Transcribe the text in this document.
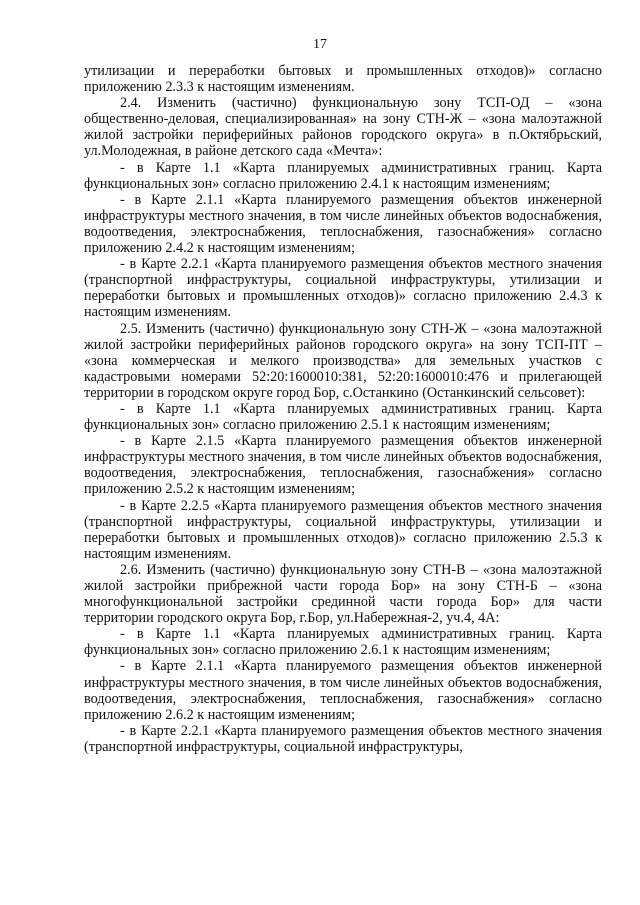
17

утилизации и переработки бытовых и промышленных отходов)» согласно приложению 2.3.3 к настоящим изменениям.

2.4. Изменить (частично) функциональную зону ТСП-ОД – «зона общественно-деловая, специализированная» на зону СТН-Ж – «зона малоэтажной жилой застройки периферийных районов городского округа» в п.Октябрьский, ул.Молодежная, в районе детского сада «Мечта»:

- в Карте 1.1 «Карта планируемых административных границ. Карта функциональных зон» согласно приложению 2.4.1 к настоящим изменениям;

- в Карте 2.1.1 «Карта планируемого размещения объектов инженерной инфраструктуры местного значения, в том числе линейных объектов водоснабжения, водоотведения, электроснабжения, теплоснабжения, газоснабжения» согласно приложению 2.4.2 к настоящим изменениям;

- в Карте 2.2.1 «Карта планируемого размещения объектов местного значения (транспортной инфраструктуры, социальной инфраструктуры, утилизации и переработки бытовых и промышленных отходов)» согласно приложению 2.4.3 к настоящим изменениям.

2.5. Изменить (частично) функциональную зону СТН-Ж – «зона малоэтажной жилой застройки периферийных районов городского округа» на зону ТСП-ПТ – «зона коммерческая и мелкого производства» для земельных участков с кадастровыми номерами 52:20:1600010:381, 52:20:1600010:476 и прилегающей территории в городском округе город Бор, с.Останкино (Останкинский сельсовет):

- в Карте 1.1 «Карта планируемых административных границ. Карта функциональных зон» согласно приложению 2.5.1 к настоящим изменениям;

- в Карте 2.1.5 «Карта планируемого размещения объектов инженерной инфраструктуры местного значения, в том числе линейных объектов водоснабжения, водоотведения, электроснабжения, теплоснабжения, газоснабжения» согласно приложению 2.5.2 к настоящим изменениям;

- в Карте 2.2.5 «Карта планируемого размещения объектов местного значения (транспортной инфраструктуры, социальной инфраструктуры, утилизации и переработки бытовых и промышленных отходов)» согласно приложению 2.5.3 к настоящим изменениям.

2.6. Изменить (частично) функциональную зону СТН-В – «зона малоэтажной жилой застройки прибрежной части города Бор» на зону СТН-Б – «зона многофункциональной застройки срединной части города Бор» для части территории городского округа Бор, г.Бор, ул.Набережная-2, уч.4, 4А:

- в Карте 1.1 «Карта планируемых административных границ. Карта функциональных зон» согласно приложению 2.6.1 к настоящим изменениям;

- в Карте 2.1.1 «Карта планируемого размещения объектов инженерной инфраструктуры местного значения, в том числе линейных объектов водоснабжения, водоотведения, электроснабжения, теплоснабжения, газоснабжения» согласно приложению 2.6.2 к настоящим изменениям;

- в Карте 2.2.1 «Карта планируемого размещения объектов местного значения (транспортной инфраструктуры, социальной инфраструктуры,
